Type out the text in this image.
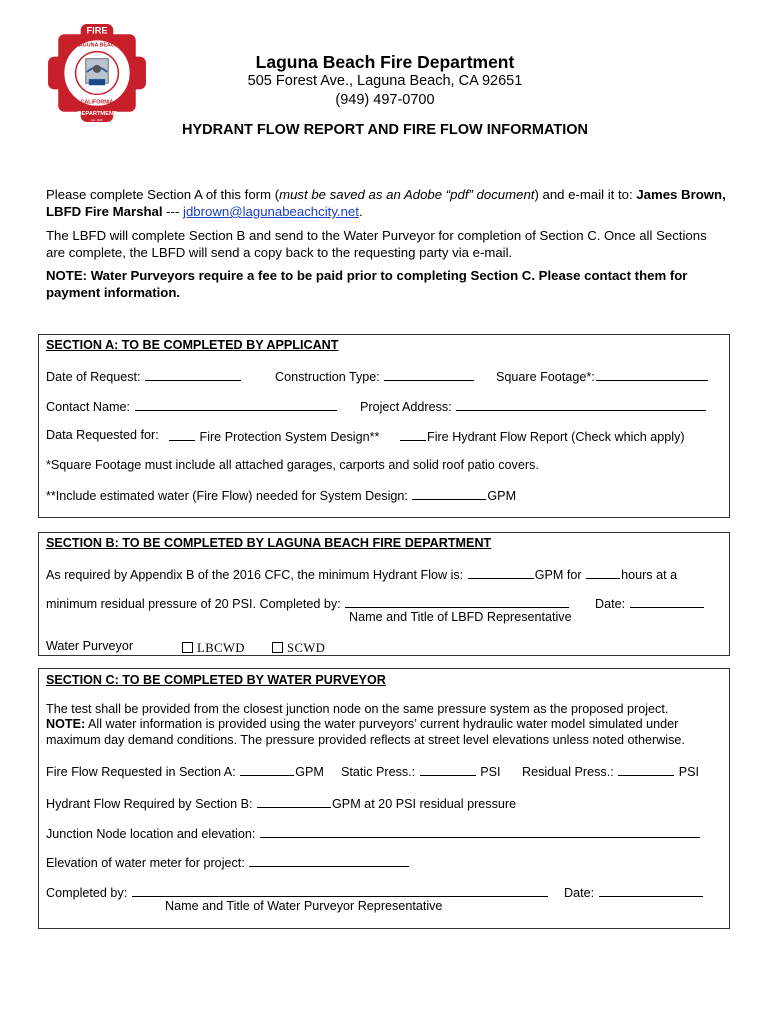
FIRE
LAGUNA BEACH
CALIFORNIA
DEPARTMENT
Est. 1926
Laguna Beach Fire Department
505 Forest Ave., Laguna Beach, CA 92651
(949) 497-0700
HYDRANT FLOW REPORT AND FIRE FLOW INFORMATION
Please complete Section A of this form (must be saved as an Adobe “pdf” document) and e-mail it to: James Brown, LBFD Fire Marshal --- jdbrown@lagunabeachcity.net.
The LBFD will complete Section B and send to the Water Purveyor for completion of Section C. Once all Sections are complete, the LBFD will send a copy back to the requesting party via e-mail.
NOTE: Water Purveyors require a fee to be paid prior to completing Section C. Please contact them for payment information.
SECTION A: TO BE COMPLETED BY APPLICANT
Date of Request:	Construction Type:	Square Footage*:
Contact Name:	Project Address:
Data Requested for:	Fire Protection System Design**	Fire Hydrant Flow Report (Check which apply)
*Square Footage must include all attached garages, carports and solid roof patio covers.
**Include estimated water (Fire Flow) needed for System Design:	GPM
SECTION B: TO BE COMPLETED BY LAGUNA BEACH FIRE DEPARTMENT
As required by Appendix B of the 2016 CFC, the minimum Hydrant Flow is:	GPM for	hours at a
minimum residual pressure of 20 PSI. Completed by:	Date:
Name and Title of LBFD Representative
Water Purveyor	LBCWD	SCWD
SECTION C: TO BE COMPLETED BY WATER PURVEYOR
The test shall be provided from the closest junction node on the same pressure system as the proposed project.
NOTE: All water information is provided using the water purveyors’ current hydraulic water model simulated under maximum day demand conditions. The pressure provided reflects at street level elevations unless noted otherwise.
Fire Flow Requested in Section A:	GPM Static Press.:	PSI Residual Press.:	PSI
Hydrant Flow Required by Section B:	GPM at 20 PSI residual pressure
Junction Node location and elevation:
Elevation of water meter for project:
Completed by:	Date:
Name and Title of Water Purveyor Representative
